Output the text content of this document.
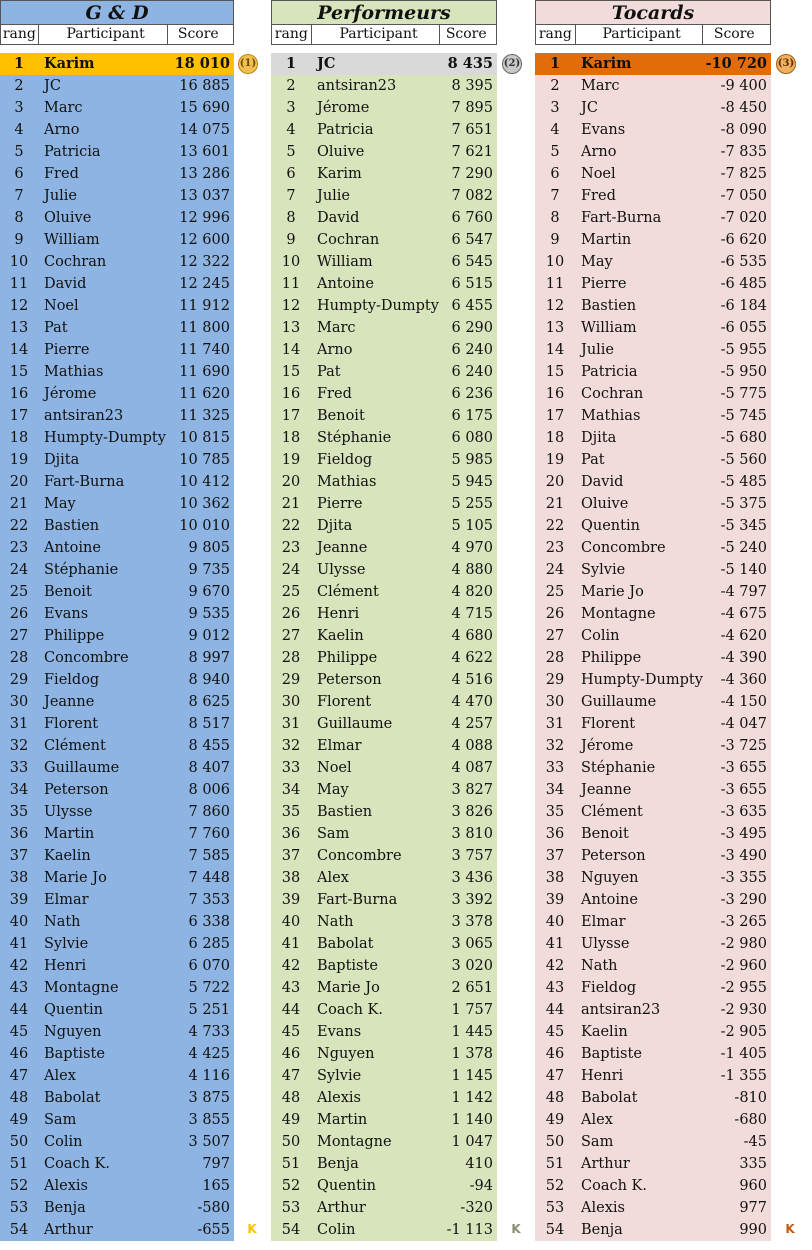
G & D
rang	Participant	Score
1	Karim	18 010
2	JC	16 885
3	Marc	15 690
4	Arno	14 075
5	Patricia	13 601
6	Fred	13 286
7	Julie	13 037
8	Oluive	12 996
9	William	12 600
10	Cochran	12 322
11	David	12 245
12	Noel	11 912
13	Pat	11 800
14	Pierre	11 740
15	Mathias	11 690
16	Jérome	11 620
17	antsiran23	11 325
18	Humpty-Dumpty 10 815
19	Djita	10 785
20	Fart-Burna	10 412
21	May	10 362
22	Bastien	10 010
23	Antoine	9 805
24	Stéphanie	9 735
25	Benoit	9 670
26	Evans	9 535
27	Philippe	9 012
28	Concombre	8 997
29	Fieldog	8 940
30	Jeanne	8 625
31	Florent	8 517
32	Clément	8 455
33	Guillaume	8 407
34	Peterson	8 006
35	Ulysse	7 860
36	Martin	7 760
37	Kaelin	7 585
38	Marie Jo	7 448
39	Elmar	7 353
40	Nath	6 338
41	Sylvie	6 285
42	Henri	6 070
43	Montagne	5 722
44	Quentin	5 251
45	Nguyen	4 733
46	Baptiste	4 425
47	Alex	4 116
48	Babolat	3 875
49	Sam	3 855
50	Colin	3 507
51	Coach K.	797
52	Alexis	165
53	Benja	-580
54	Arthur	-655
Performeurs
rang	Participant	Score
1	JC	8 435
2	antsiran23	8 395
3	Jérome	7 895
4	Patricia	7 651
5	Oluive	7 621
6	Karim	7 290
7	Julie	7 082
8	David	6 760
9	Cochran	6 547
10	William	6 545
11	Antoine	6 515
12	Humpty-Dumpty 6 455
13	Marc	6 290
14	Arno	6 240
15	Pat	6 240
16	Fred	6 236
17	Benoit	6 175
18	Stéphanie	6 080
19	Fieldog	5 985
20	Mathias	5 945
21	Pierre	5 255
22	Djita	5 105
23	Jeanne	4 970
24	Ulysse	4 880
25	Clément	4 820
26	Henri	4 715
27	Kaelin	4 680
28	Philippe	4 622
29	Peterson	4 516
30	Florent	4 470
31	Guillaume	4 257
32	Elmar	4 088
33	Noel	4 087
34	May	3 827
35	Bastien	3 826
36	Sam	3 810
37	Concombre	3 757
38	Alex	3 436
39	Fart-Burna	3 392
40	Nath	3 378
41	Babolat	3 065
42	Baptiste	3 020
43	Marie Jo	2 651
44	Coach K.	1 757
45	Evans	1 445
46	Nguyen	1 378
47	Sylvie	1 145
48	Alexis	1 142
49	Martin	1 140
50	Montagne	1 047
51	Benja	410
52	Quentin	-94
53	Arthur	-320
54	Colin	-1 113
Tocards
rang	Participant	Score
1	Karim	-10 720
2	Marc	-9 400
3	JC	-8 450
4	Evans	-8 090
5	Arno	-7 835
6	Noel	-7 825
7	Fred	-7 050
8	Fart-Burna	-7 020
9	Martin	-6 620
10	May	-6 535
11	Pierre	-6 485
12	Bastien	-6 184
13	William	-6 055
14	Julie	-5 955
15	Patricia	-5 950
16	Cochran	-5 775
17	Mathias	-5 745
18	Djita	-5 680
19	Pat	-5 560
20	David	-5 485
21	Oluive	-5 375
22	Quentin	-5 345
23	Concombre	-5 240
24	Sylvie	-5 140
25	Marie Jo	-4 797
26	Montagne	-4 675
27	Colin	-4 620
28	Philippe	-4 390
29	Humpty-Dumpty	-4 360
30	Guillaume	-4 150
31	Florent	-4 047
32	Jérome	-3 725
33	Stéphanie	-3 655
34	Jeanne	-3 655
35	Clément	-3 635
36	Benoit	-3 495
37	Peterson	-3 490
38	Nguyen	-3 355
39	Antoine	-3 290
40	Elmar	-3 265
41	Ulysse	-2 980
42	Nath	-2 960
43	Fieldog	-2 955
44	antsiran23	-2 930
45	Kaelin	-2 905
46	Baptiste	-1 405
47	Henri	-1 355
48	Babolat	-810
49	Alex	-680
50	Sam	-45
51	Arthur	335
52	Coach K.	960
53	Alexis	977
54	Benja	990
(1)	(2)	(3)
K	K	K
